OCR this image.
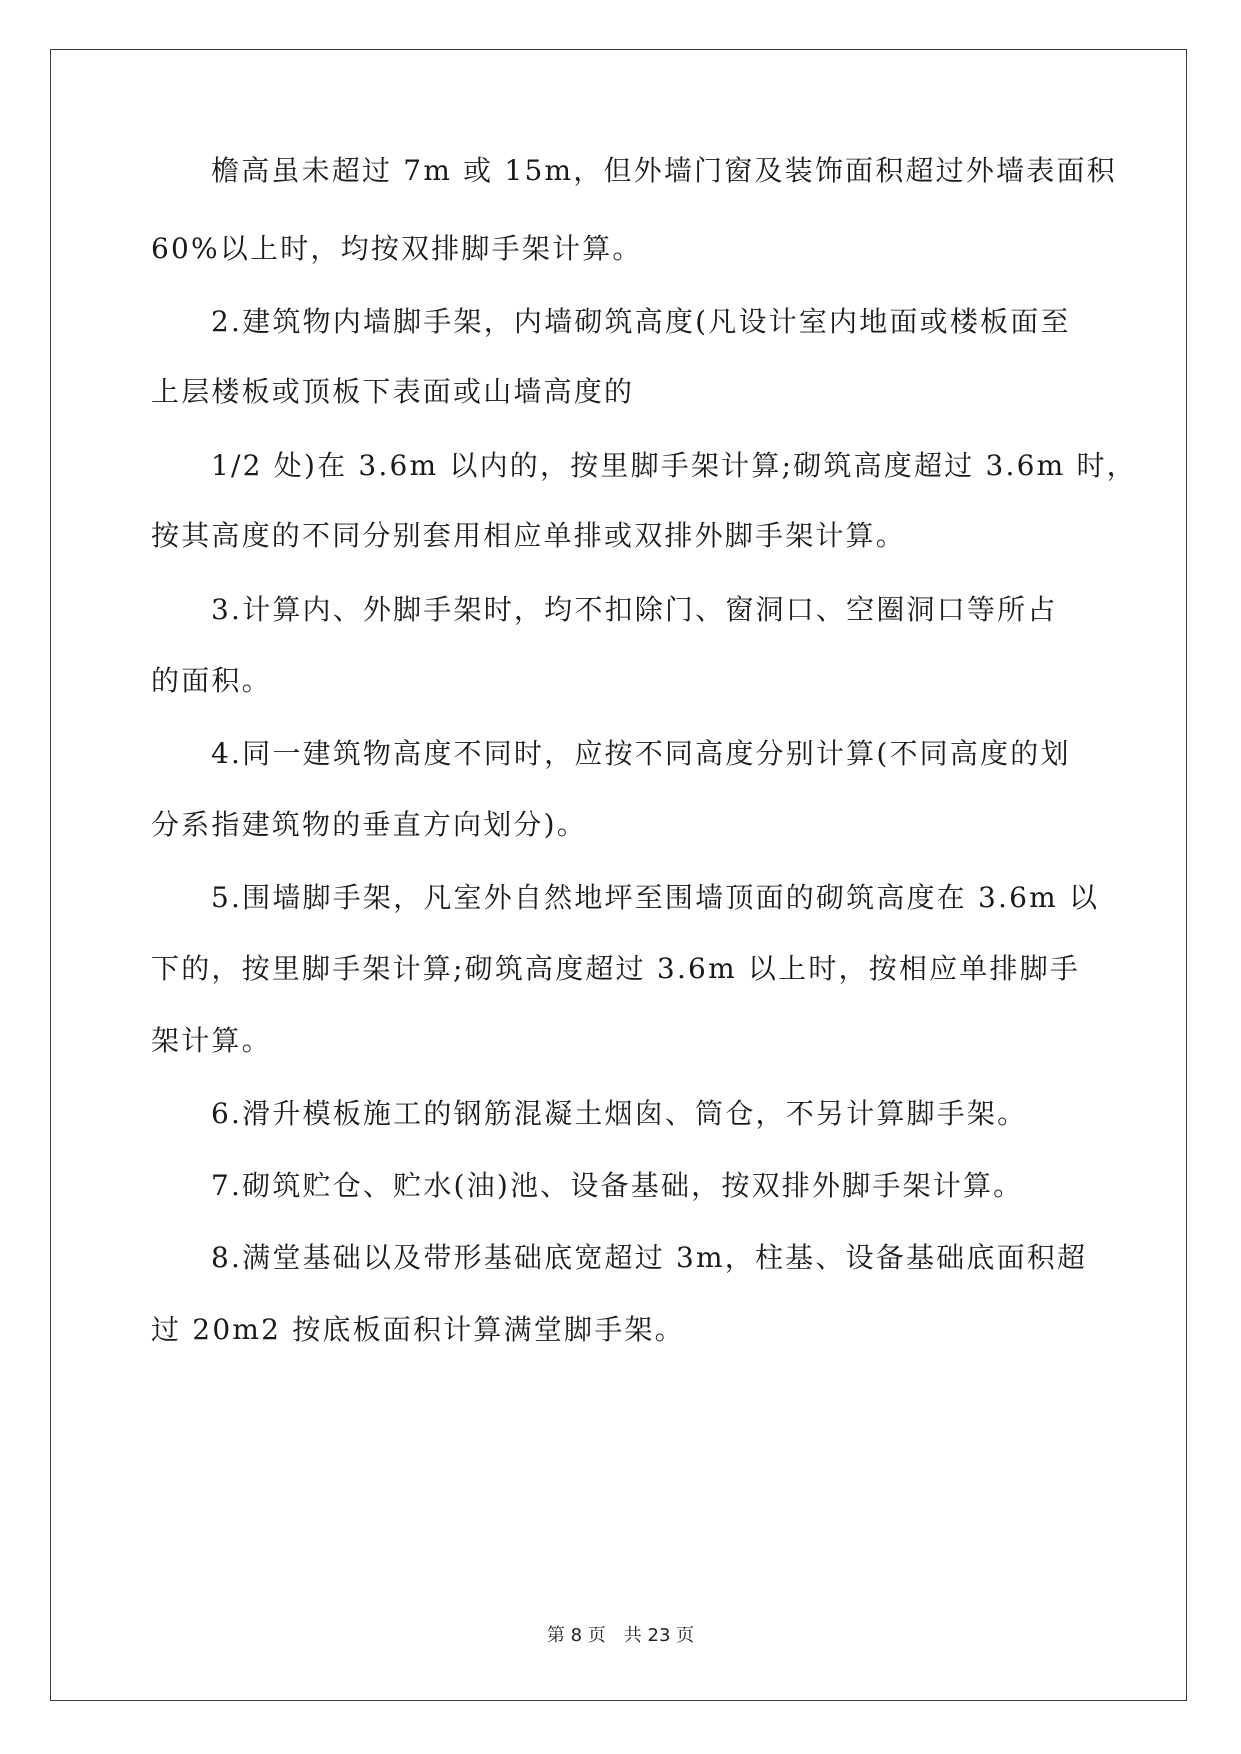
檐高虽未超过 7m 或 15m，但外墙门窗及装饰面积超过外墙表面积
60%以上时，均按双排脚手架计算。
2.建筑物内墙脚手架，内墙砌筑高度(凡设计室内地面或楼板面至
上层楼板或顶板下表面或山墙高度的
1/2 处)在 3.6m 以内的，按里脚手架计算;砌筑高度超过 3.6m 时，
按其高度的不同分别套用相应单排或双排外脚手架计算。
3.计算内、外脚手架时，均不扣除门、窗洞口、空圈洞口等所占
的面积。
4.同一建筑物高度不同时，应按不同高度分别计算(不同高度的划
分系指建筑物的垂直方向划分)。
5.围墙脚手架，凡室外自然地坪至围墙顶面的砌筑高度在 3.6m 以
下的，按里脚手架计算;砌筑高度超过 3.6m 以上时，按相应单排脚手
架计算。
6.滑升模板施工的钢筋混凝土烟囱、筒仓，不另计算脚手架。
7.砌筑贮仓、贮水(油)池、设备基础，按双排外脚手架计算。
8.满堂基础以及带形基础底宽超过 3m，柱基、设备基础底面积超
过 20m2 按底板面积计算满堂脚手架。
第 8 页　共 23 页
